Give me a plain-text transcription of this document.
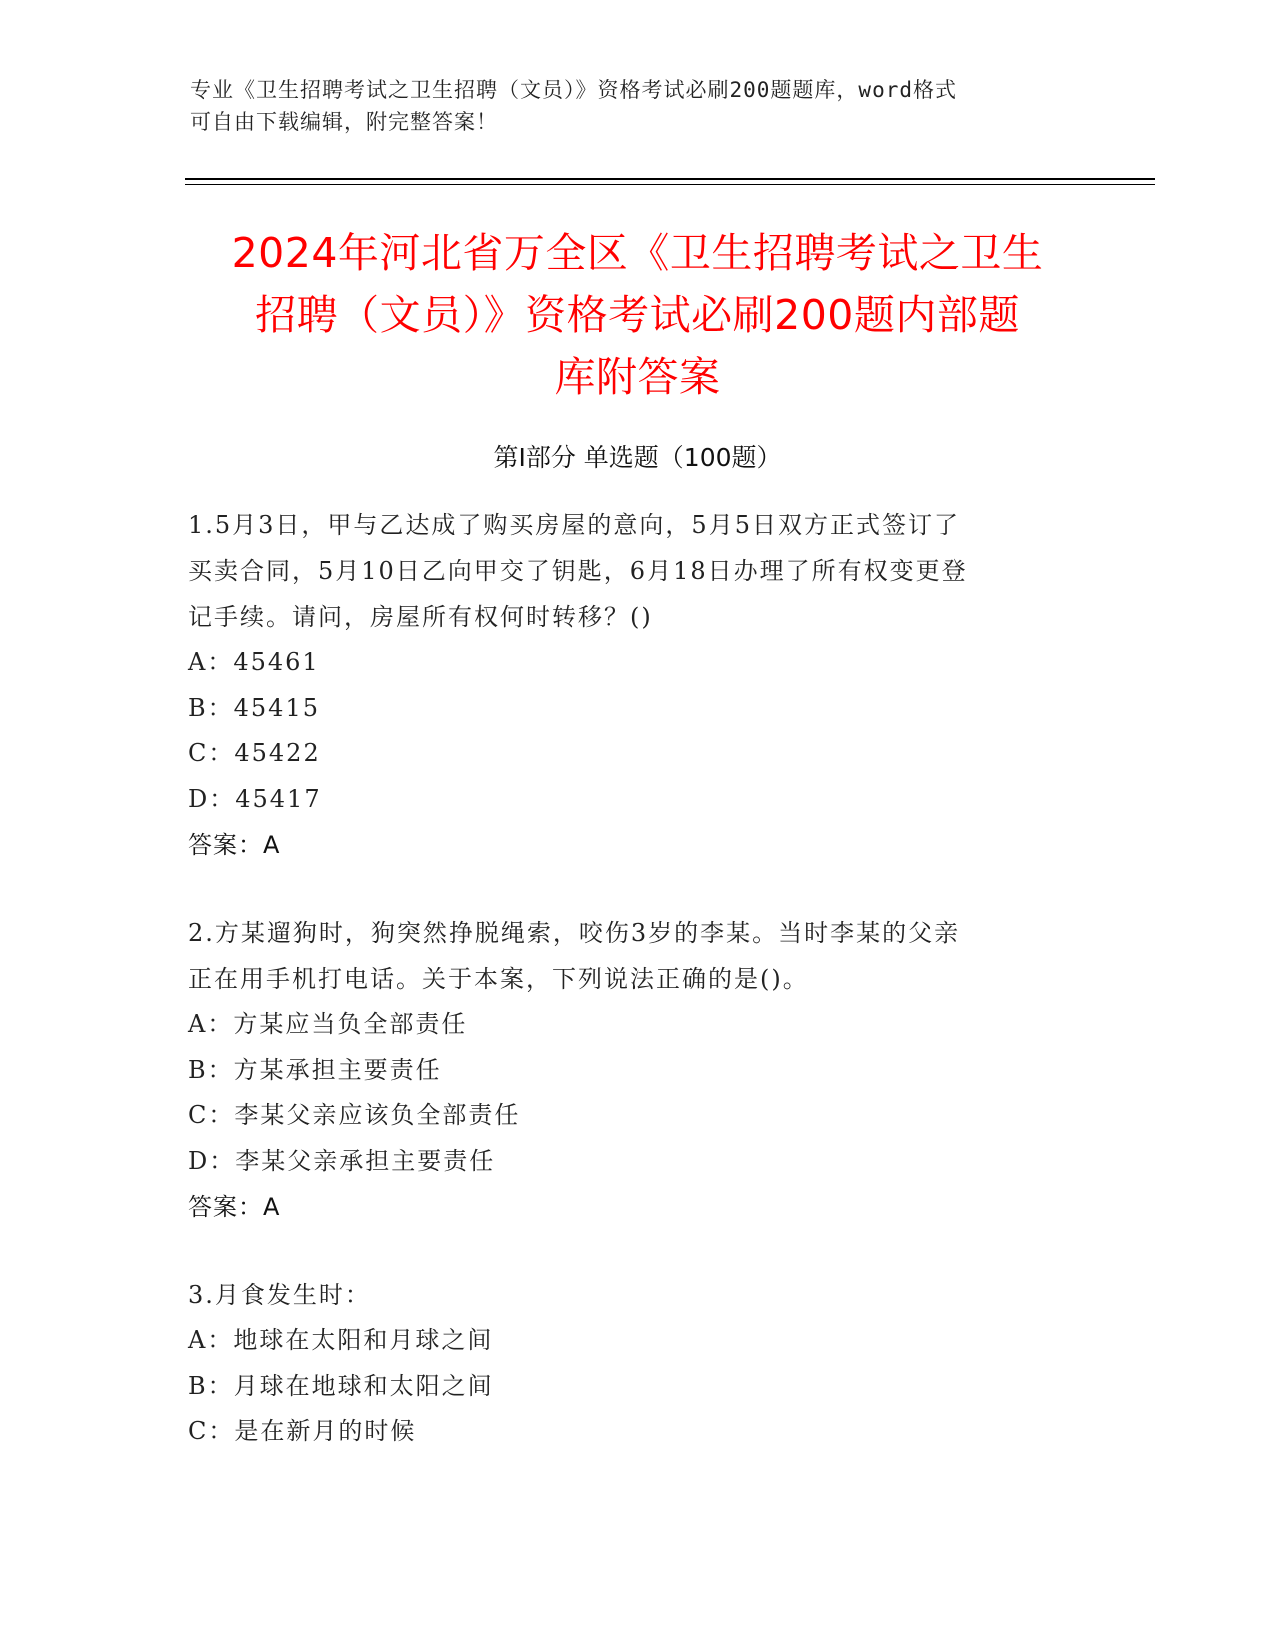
专业《卫生招聘考试之卫生招聘（文员）》资格考试必刷200题题库，word格式
可自由下载编辑，附完整答案！
2024年河北省万全区《卫生招聘考试之卫生
招聘（文员）》资格考试必刷200题内部题
库附答案
第Ⅰ部分 单选题（100题）
1.5月3日，甲与乙达成了购买房屋的意向，5月5日双方正式签订了
买卖合同，5月10日乙向甲交了钥匙，6月18日办理了所有权变更登
记手续。请问，房屋所有权何时转移？()
A：45461
B：45415
C：45422
D：45417
答案：A
2.方某遛狗时，狗突然挣脱绳索，咬伤3岁的李某。当时李某的父亲
正在用手机打电话。关于本案，下列说法正确的是()。
A：方某应当负全部责任
B：方某承担主要责任
C：李某父亲应该负全部责任
D：李某父亲承担主要责任
答案：A
3.月食发生时：
A：地球在太阳和月球之间
B：月球在地球和太阳之间
C：是在新月的时候
